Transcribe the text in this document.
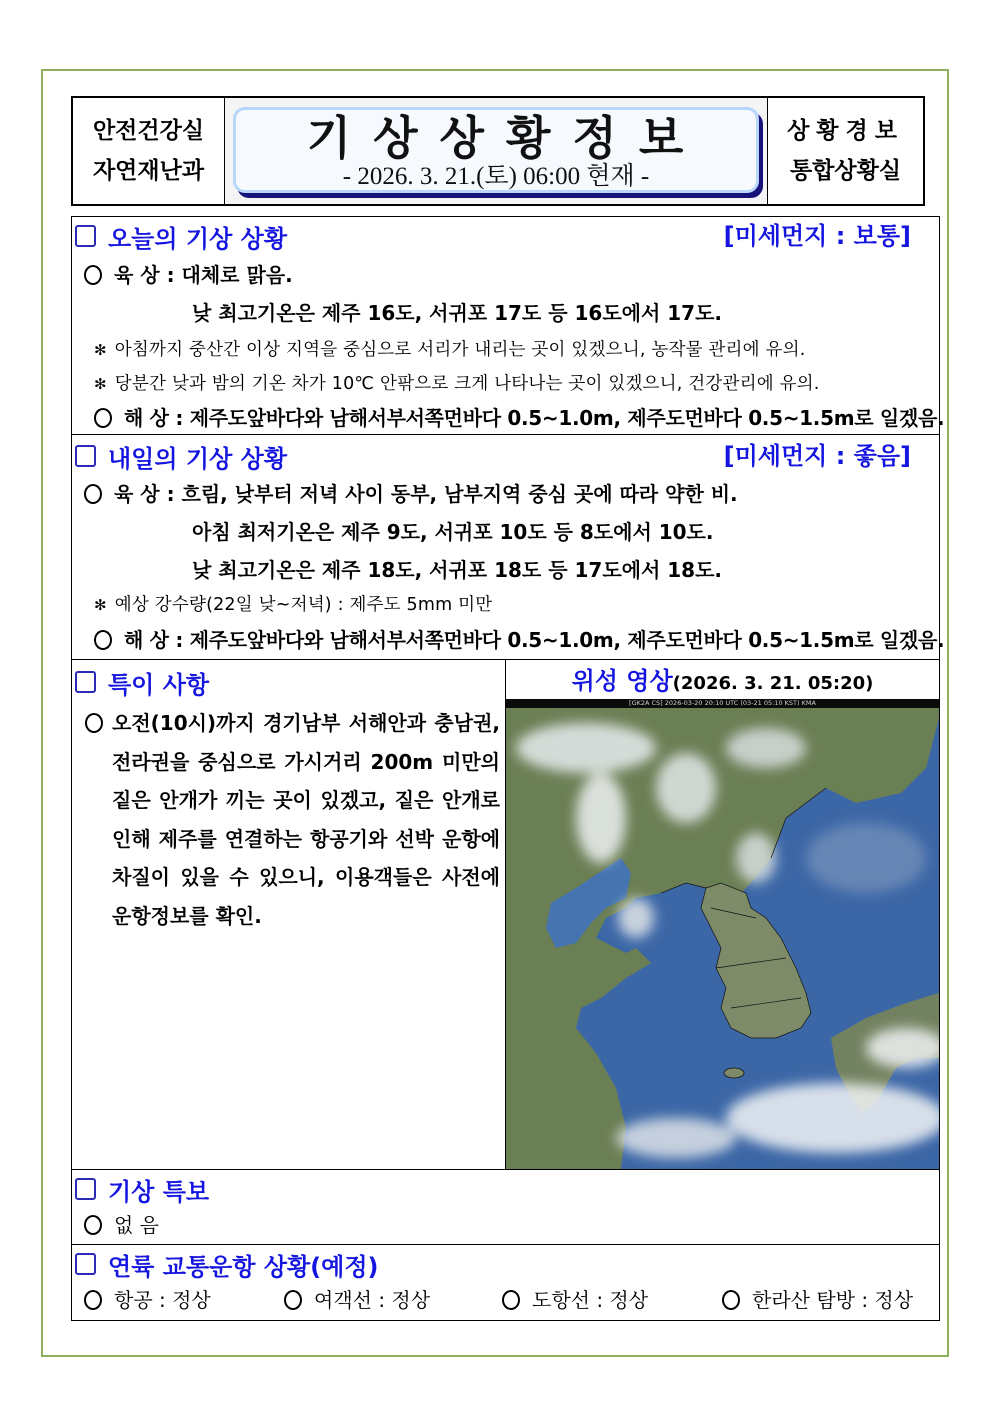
안전건강실
자연재난과
기상상황정보
- 2026. 3. 21.(토) 06:00 현재 -
상황경보
통합상황실
오늘의 기상 상황	[미세먼지 : 보통]
육 상 : 대체로 맑음.
낮 최고기온은 제주 16도, 서귀포 17도 등 16도에서 17도.
✻ 아침까지 중산간 이상 지역을 중심으로 서리가 내리는 곳이 있겠으니, 농작물 관리에 유의.
✻ 당분간 낮과 밤의 기온 차가 10℃ 안팎으로 크게 나타나는 곳이 있겠으니, 건강관리에 유의.
해 상 : 제주도앞바다와 남해서부서쪽먼바다 0.5~1.0m, 제주도먼바다 0.5~1.5m로 일겠음.
내일의 기상 상황	[미세먼지 : 좋음]
육 상 : 흐림, 낮부터 저녁 사이 동부, 남부지역 중심 곳에 따라 약한 비.
아침 최저기온은 제주 9도, 서귀포 10도 등 8도에서 10도.
낮 최고기온은 제주 18도, 서귀포 18도 등 17도에서 18도.
✻ 예상 강수량(22일 낮~저녁) : 제주도 5mm 미만
해 상 : 제주도앞바다와 남해서부서쪽먼바다 0.5~1.0m, 제주도먼바다 0.5~1.5m로 일겠음.
특이 사항
오전(10시)까지 경기남부 서해안과 충남권,
전라권을 중심으로 가시거리 200m 미만의
짙은 안개가 끼는 곳이 있겠고, 짙은 안개로
인해 제주를 연결하는 항공기와 선박 운항에
차질이 있을 수 있으니, 이용객들은 사전에
운항정보를 확인.
위성 영상(2026. 3. 21. 05:20)
[GK2A CS] 2026-03-20 20:10 UTC (03-21 05:10 KST) KMA
기상 특보
없 음
연륙 교통운항 상황(예정)
항공 : 정상	여객선 : 정상	도항선 : 정상	한라산 탐방 : 정상
